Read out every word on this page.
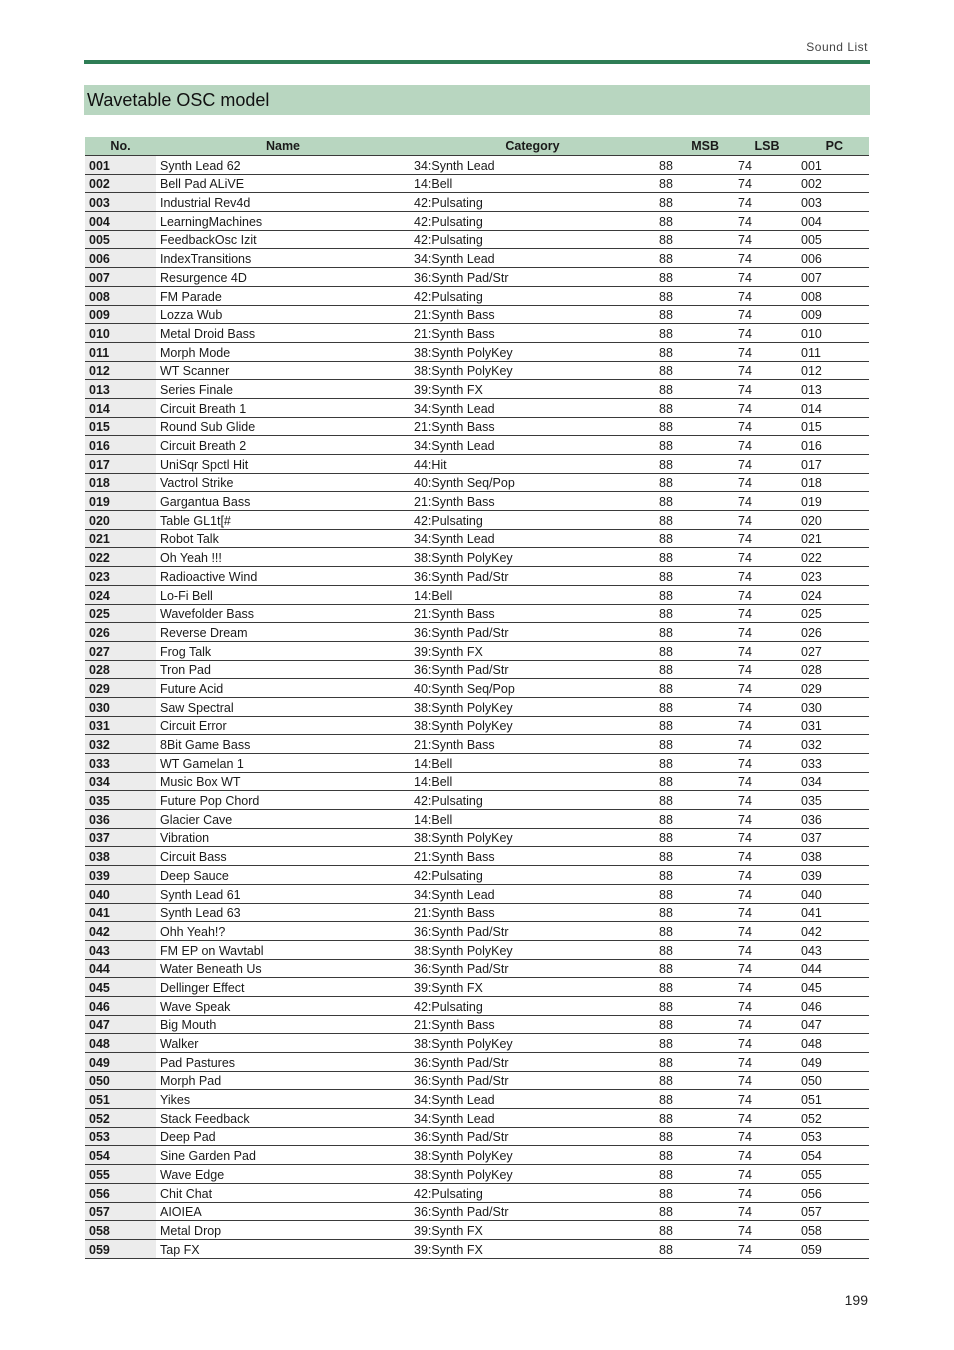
Sound List
Wavetable OSC model
No.	Name	Category	MSB	LSB	PC
001	Synth Lead 62	34:Synth Lead	88	74	001
002	Bell Pad ALiVE	14:Bell	88	74	002
003	Industrial Rev4d	42:Pulsating	88	74	003
004	LearningMachines	42:Pulsating	88	74	004
005	FeedbackOsc Izit	42:Pulsating	88	74	005
006	IndexTransitions	34:Synth Lead	88	74	006
007	Resurgence 4D	36:Synth Pad/Str	88	74	007
008	FM Parade	42:Pulsating	88	74	008
009	Lozza Wub	21:Synth Bass	88	74	009
010	Metal Droid Bass	21:Synth Bass	88	74	010
011	Morph Mode	38:Synth PolyKey	88	74	011
012	WT Scanner	38:Synth PolyKey	88	74	012
013	Series Finale	39:Synth FX	88	74	013
014	Circuit Breath 1	34:Synth Lead	88	74	014
015	Round Sub Glide	21:Synth Bass	88	74	015
016	Circuit Breath 2	34:Synth Lead	88	74	016
017	UniSqr Spctl Hit	44:Hit	88	74	017
018	Vactrol Strike	40:Synth Seq/Pop	88	74	018
019	Gargantua Bass	21:Synth Bass	88	74	019
020	Table GL1t[#	42:Pulsating	88	74	020
021	Robot Talk	34:Synth Lead	88	74	021
022	Oh Yeah !!!	38:Synth PolyKey	88	74	022
023	Radioactive Wind	36:Synth Pad/Str	88	74	023
024	Lo-Fi Bell	14:Bell	88	74	024
025	Wavefolder Bass	21:Synth Bass	88	74	025
026	Reverse Dream	36:Synth Pad/Str	88	74	026
027	Frog Talk	39:Synth FX	88	74	027
028	Tron Pad	36:Synth Pad/Str	88	74	028
029	Future Acid	40:Synth Seq/Pop	88	74	029
030	Saw Spectral	38:Synth PolyKey	88	74	030
031	Circuit Error	38:Synth PolyKey	88	74	031
032	8Bit Game Bass	21:Synth Bass	88	74	032
033	WT Gamelan 1	14:Bell	88	74	033
034	Music Box WT	14:Bell	88	74	034
035	Future Pop Chord	42:Pulsating	88	74	035
036	Glacier Cave	14:Bell	88	74	036
037	Vibration	38:Synth PolyKey	88	74	037
038	Circuit Bass	21:Synth Bass	88	74	038
039	Deep Sauce	42:Pulsating	88	74	039
040	Synth Lead 61	34:Synth Lead	88	74	040
041	Synth Lead 63	21:Synth Bass	88	74	041
042	Ohh Yeah!?	36:Synth Pad/Str	88	74	042
043	FM EP on Wavtabl	38:Synth PolyKey	88	74	043
044	Water Beneath Us	36:Synth Pad/Str	88	74	044
045	Dellinger Effect	39:Synth FX	88	74	045
046	Wave Speak	42:Pulsating	88	74	046
047	Big Mouth	21:Synth Bass	88	74	047
048	Walker	38:Synth PolyKey	88	74	048
049	Pad Pastures	36:Synth Pad/Str	88	74	049
050	Morph Pad	36:Synth Pad/Str	88	74	050
051	Yikes	34:Synth Lead	88	74	051
052	Stack Feedback	34:Synth Lead	88	74	052
053	Deep Pad	36:Synth Pad/Str	88	74	053
054	Sine Garden Pad	38:Synth PolyKey	88	74	054
055	Wave Edge	38:Synth PolyKey	88	74	055
056	Chit Chat	42:Pulsating	88	74	056
057	AIOIEA	36:Synth Pad/Str	88	74	057
058	Metal Drop	39:Synth FX	88	74	058
059	Tap FX	39:Synth FX	88	74	059
199
